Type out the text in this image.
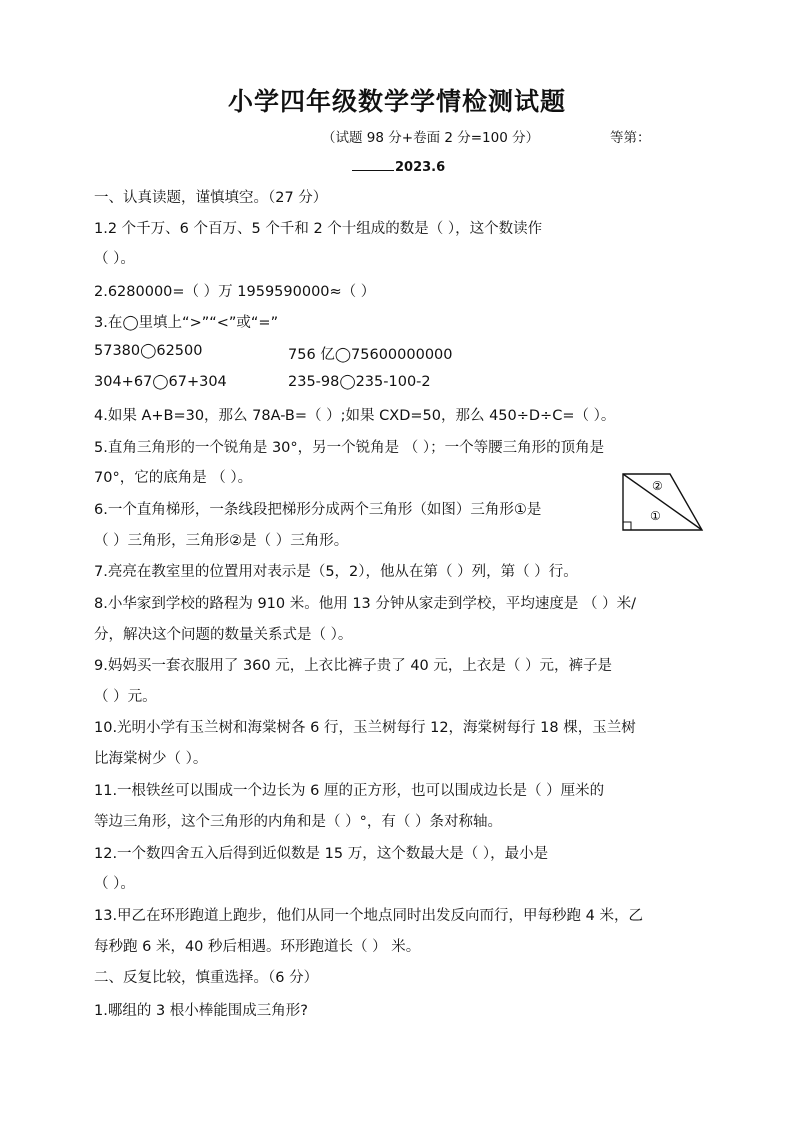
小学四年级数学学情检测试题
（试题 98 分+卷面 2 分=100 分）	等第：
2023.6
一、认真读题，谨慎填空。（27 分）
1.2 个千万、6 个百万、5 个千和 2 个十组成的数是（ ），这个数读作
（ ）。
2.6280000=（ ）万 1959590000≈（ ）
3.在◯里填上“>”“<”或“=”
57380◯62500	756 亿◯75600000000
304+67◯67+304	235-98◯235-100-2
4.如果 A+B=30，那么 78A-B=（ ）;如果 CXD=50，那么 450÷D÷C=（ ）。
5.直角三角形的一个锐角是 30°，另一个锐角是 （ ）；一个等腰三角形的顶角是
70°，它的底角是 （ ）。
6.一个直角梯形，一条线段把梯形分成两个三角形（如图）三角形①是
（ ）三角形，三角形②是（ ）三角形。
①
②
7.亮亮在教室里的位置用对表示是（5，2），他从在第（ ）列，第（ ）行。
8.小华家到学校的路程为 910 米。他用 13 分钟从家走到学校，平均速度是 （ ）米/
分，解决这个问题的数量关系式是（ ）。
9.妈妈买一套衣服用了 360 元，上衣比裤子贵了 40 元，上衣是（ ）元，裤子是
（ ）元。
10.光明小学有玉兰树和海棠树各 6 行，玉兰树每行 12，海棠树每行 18 棵，玉兰树
比海棠树少（ ）。
11.一根铁丝可以围成一个边长为 6 厘的正方形，也可以围成边长是（ ）厘米的
等边三角形，这个三角形的内角和是（ ）°，有（ ）条对称轴。
12.一个数四舍五入后得到近似数是 15 万，这个数最大是（ ），最小是
（ ）。
13.甲乙在环形跑道上跑步，他们从同一个地点同时出发反向而行，甲每秒跑 4 米，乙
每秒跑 6 米，40 秒后相遇。环形跑道长（ ） 米。
二、反复比较，慎重选择。（6 分）
1.哪组的 3 根小棒能围成三角形?
